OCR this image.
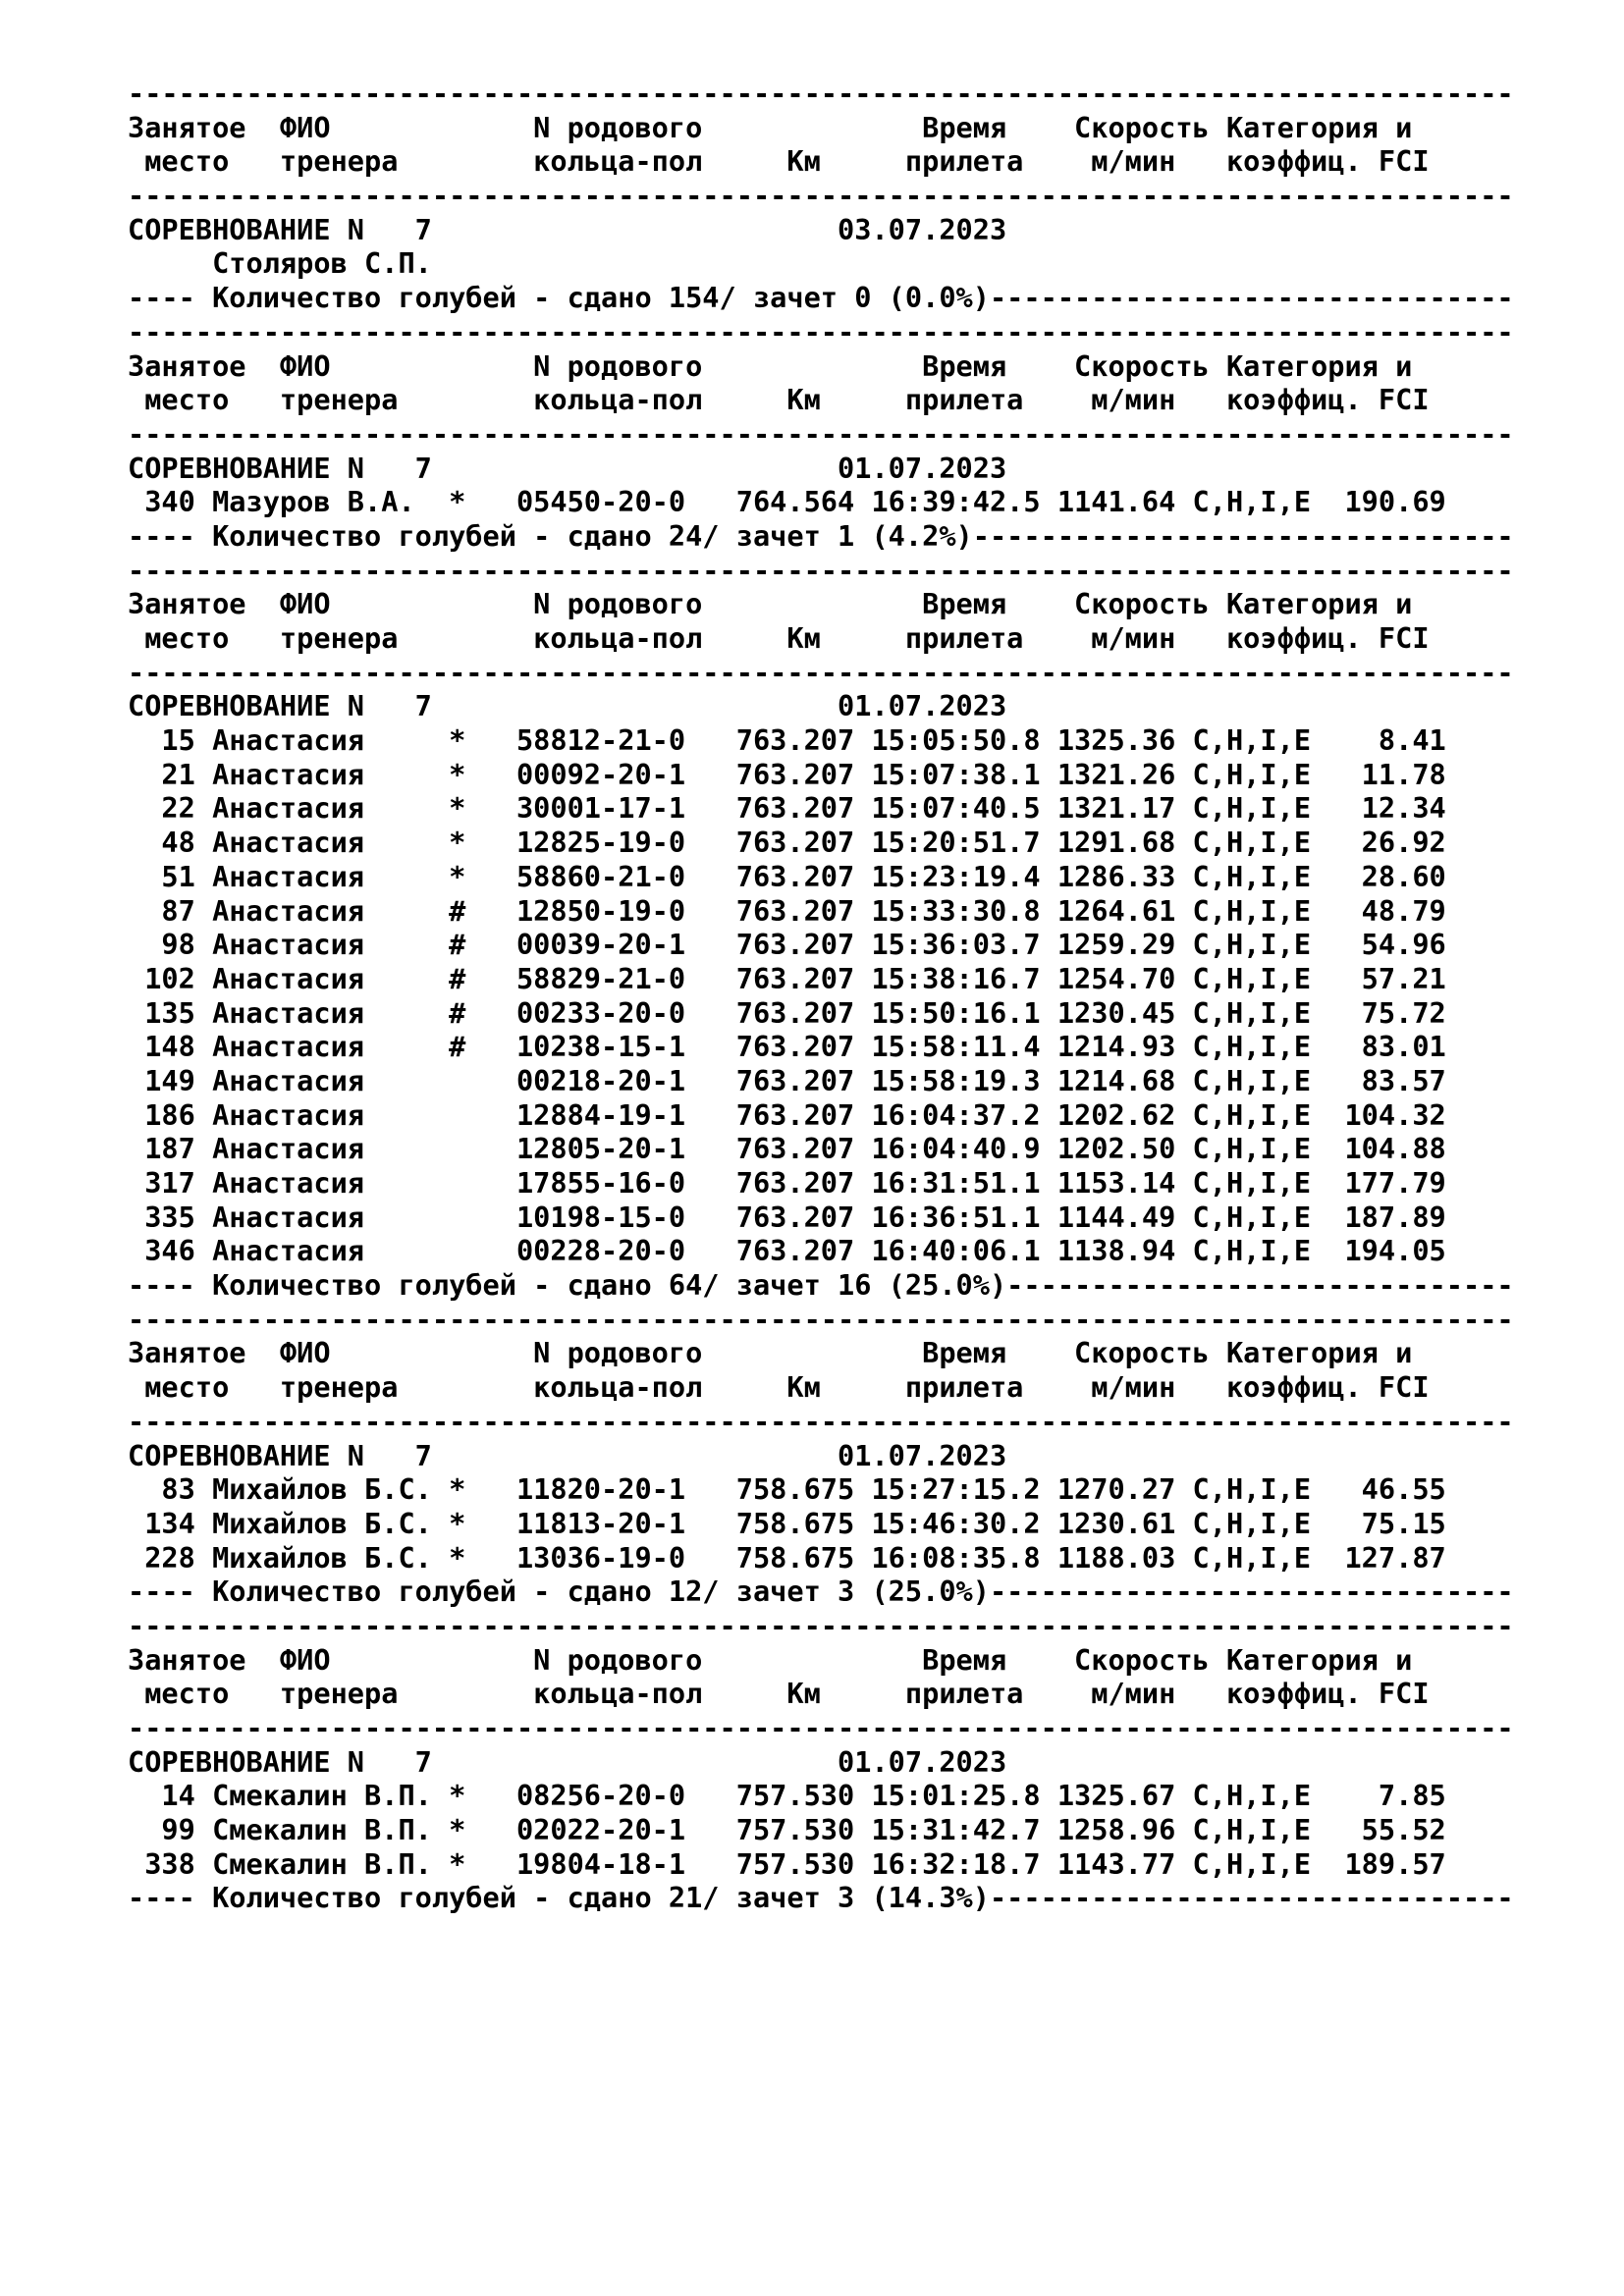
----------------------------------------------------------------------------------
Занятое  ФИО            N родового             Время    Скорость Категория и
место   тренера        кольца-пол     Км     прилета    м/мин   коэффиц. FCI
----------------------------------------------------------------------------------
СОРЕВНОВАНИЕ N   7                        03.07.2023
Столяров С.П.
---- Количество голубей - сдано 154/ зачет 0 (0.0%)-------------------------------
----------------------------------------------------------------------------------
Занятое  ФИО            N родового             Время    Скорость Категория и
место   тренера        кольца-пол     Км     прилета    м/мин   коэффиц. FCI
----------------------------------------------------------------------------------
СОРЕВНОВАНИЕ N   7                        01.07.2023
340 Мазуров В.А.  *   05450-20-0   764.564 16:39:42.5 1141.64 C,H,I,E  190.69
---- Количество голубей - сдано 24/ зачет 1 (4.2%)--------------------------------
----------------------------------------------------------------------------------
Занятое  ФИО            N родового             Время    Скорость Категория и
место   тренера        кольца-пол     Км     прилета    м/мин   коэффиц. FCI
----------------------------------------------------------------------------------
СОРЕВНОВАНИЕ N   7                        01.07.2023
15 Анастасия     *   58812-21-0   763.207 15:05:50.8 1325.36 C,H,I,E    8.41
21 Анастасия     *   00092-20-1   763.207 15:07:38.1 1321.26 C,H,I,E   11.78
22 Анастасия     *   30001-17-1   763.207 15:07:40.5 1321.17 C,H,I,E   12.34
48 Анастасия     *   12825-19-0   763.207 15:20:51.7 1291.68 C,H,I,E   26.92
51 Анастасия     *   58860-21-0   763.207 15:23:19.4 1286.33 C,H,I,E   28.60
87 Анастасия     #   12850-19-0   763.207 15:33:30.8 1264.61 C,H,I,E   48.79
98 Анастасия     #   00039-20-1   763.207 15:36:03.7 1259.29 C,H,I,E   54.96
102 Анастасия     #   58829-21-0   763.207 15:38:16.7 1254.70 C,H,I,E   57.21
135 Анастасия     #   00233-20-0   763.207 15:50:16.1 1230.45 C,H,I,E   75.72
148 Анастасия     #   10238-15-1   763.207 15:58:11.4 1214.93 C,H,I,E   83.01
149 Анастасия         00218-20-1   763.207 15:58:19.3 1214.68 C,H,I,E   83.57
186 Анастасия         12884-19-1   763.207 16:04:37.2 1202.62 C,H,I,E  104.32
187 Анастасия         12805-20-1   763.207 16:04:40.9 1202.50 C,H,I,E  104.88
317 Анастасия         17855-16-0   763.207 16:31:51.1 1153.14 C,H,I,E  177.79
335 Анастасия         10198-15-0   763.207 16:36:51.1 1144.49 C,H,I,E  187.89
346 Анастасия         00228-20-0   763.207 16:40:06.1 1138.94 C,H,I,E  194.05
---- Количество голубей - сдано 64/ зачет 16 (25.0%)------------------------------
----------------------------------------------------------------------------------
Занятое  ФИО            N родового             Время    Скорость Категория и
место   тренера        кольца-пол     Км     прилета    м/мин   коэффиц. FCI
----------------------------------------------------------------------------------
СОРЕВНОВАНИЕ N   7                        01.07.2023
83 Михайлов Б.С. *   11820-20-1   758.675 15:27:15.2 1270.27 C,H,I,E   46.55
134 Михайлов Б.С. *   11813-20-1   758.675 15:46:30.2 1230.61 C,H,I,E   75.15
228 Михайлов Б.С. *   13036-19-0   758.675 16:08:35.8 1188.03 C,H,I,E  127.87
---- Количество голубей - сдано 12/ зачет 3 (25.0%)-------------------------------
----------------------------------------------------------------------------------
Занятое  ФИО            N родового             Время    Скорость Категория и
место   тренера        кольца-пол     Км     прилета    м/мин   коэффиц. FCI
----------------------------------------------------------------------------------
СОРЕВНОВАНИЕ N   7                        01.07.2023
14 Смекалин В.П. *   08256-20-0   757.530 15:01:25.8 1325.67 C,H,I,E    7.85
99 Смекалин В.П. *   02022-20-1   757.530 15:31:42.7 1258.96 C,H,I,E   55.52
338 Смекалин В.П. *   19804-18-1   757.530 16:32:18.7 1143.77 C,H,I,E  189.57
---- Количество голубей - сдано 21/ зачет 3 (14.3%)-------------------------------
